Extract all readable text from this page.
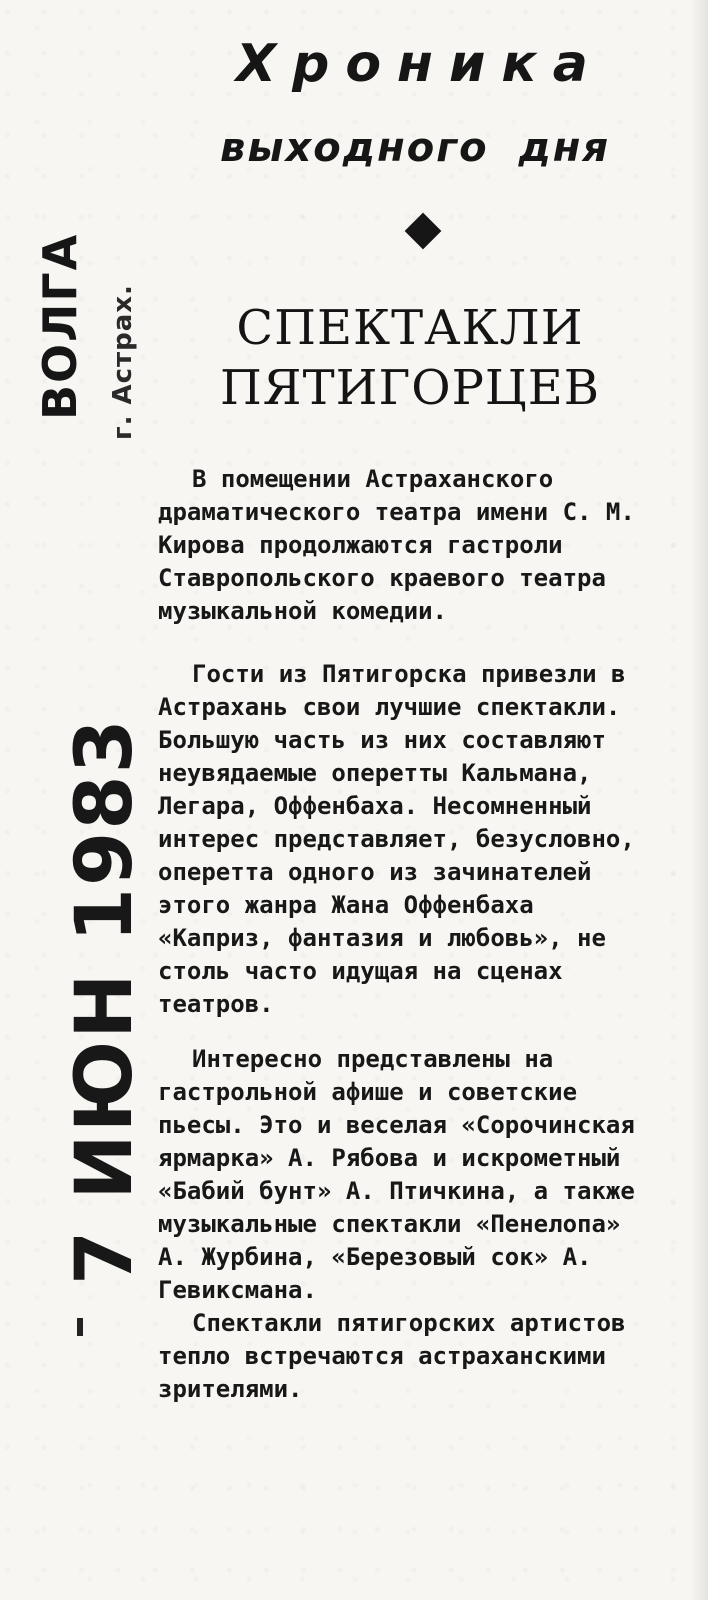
Хроника
выходного дня
СПЕКТАКЛИ
ПЯТИГОРЦЕВ

В помещении Астраханского драматического театра имени С. М. Кирова продолжаются гастроли Ставропольского краевого театра музыкальной комедии.

Гости из Пятигорска привезли в Астрахань свои лучшие спектакли. Большую часть из них составляют неувядаемые оперетты Кальмана, Легара, Оффенбаха. Несомненный интерес представляет, безусловно, оперетта одного из зачинателей этого жанра Жана Оффенбаха «Каприз, фантазия и любовь», не столь часто идущая на сценах театров.

Интересно представлены на гастрольной афише и советские пьесы. Это и веселая «Сорочинская ярмарка» А. Рябова и искрометный «Бабий бунт» А. Птичкина, а также музыкальные спектакли «Пенелопа» А. Журбина, «Березовый сок» А. Гевиксмана.

Спектакли пятигорских артистов тепло встречаются астраханскими зрителями.

ВОЛГА г. Астрах.
7 ИЮН 1983
